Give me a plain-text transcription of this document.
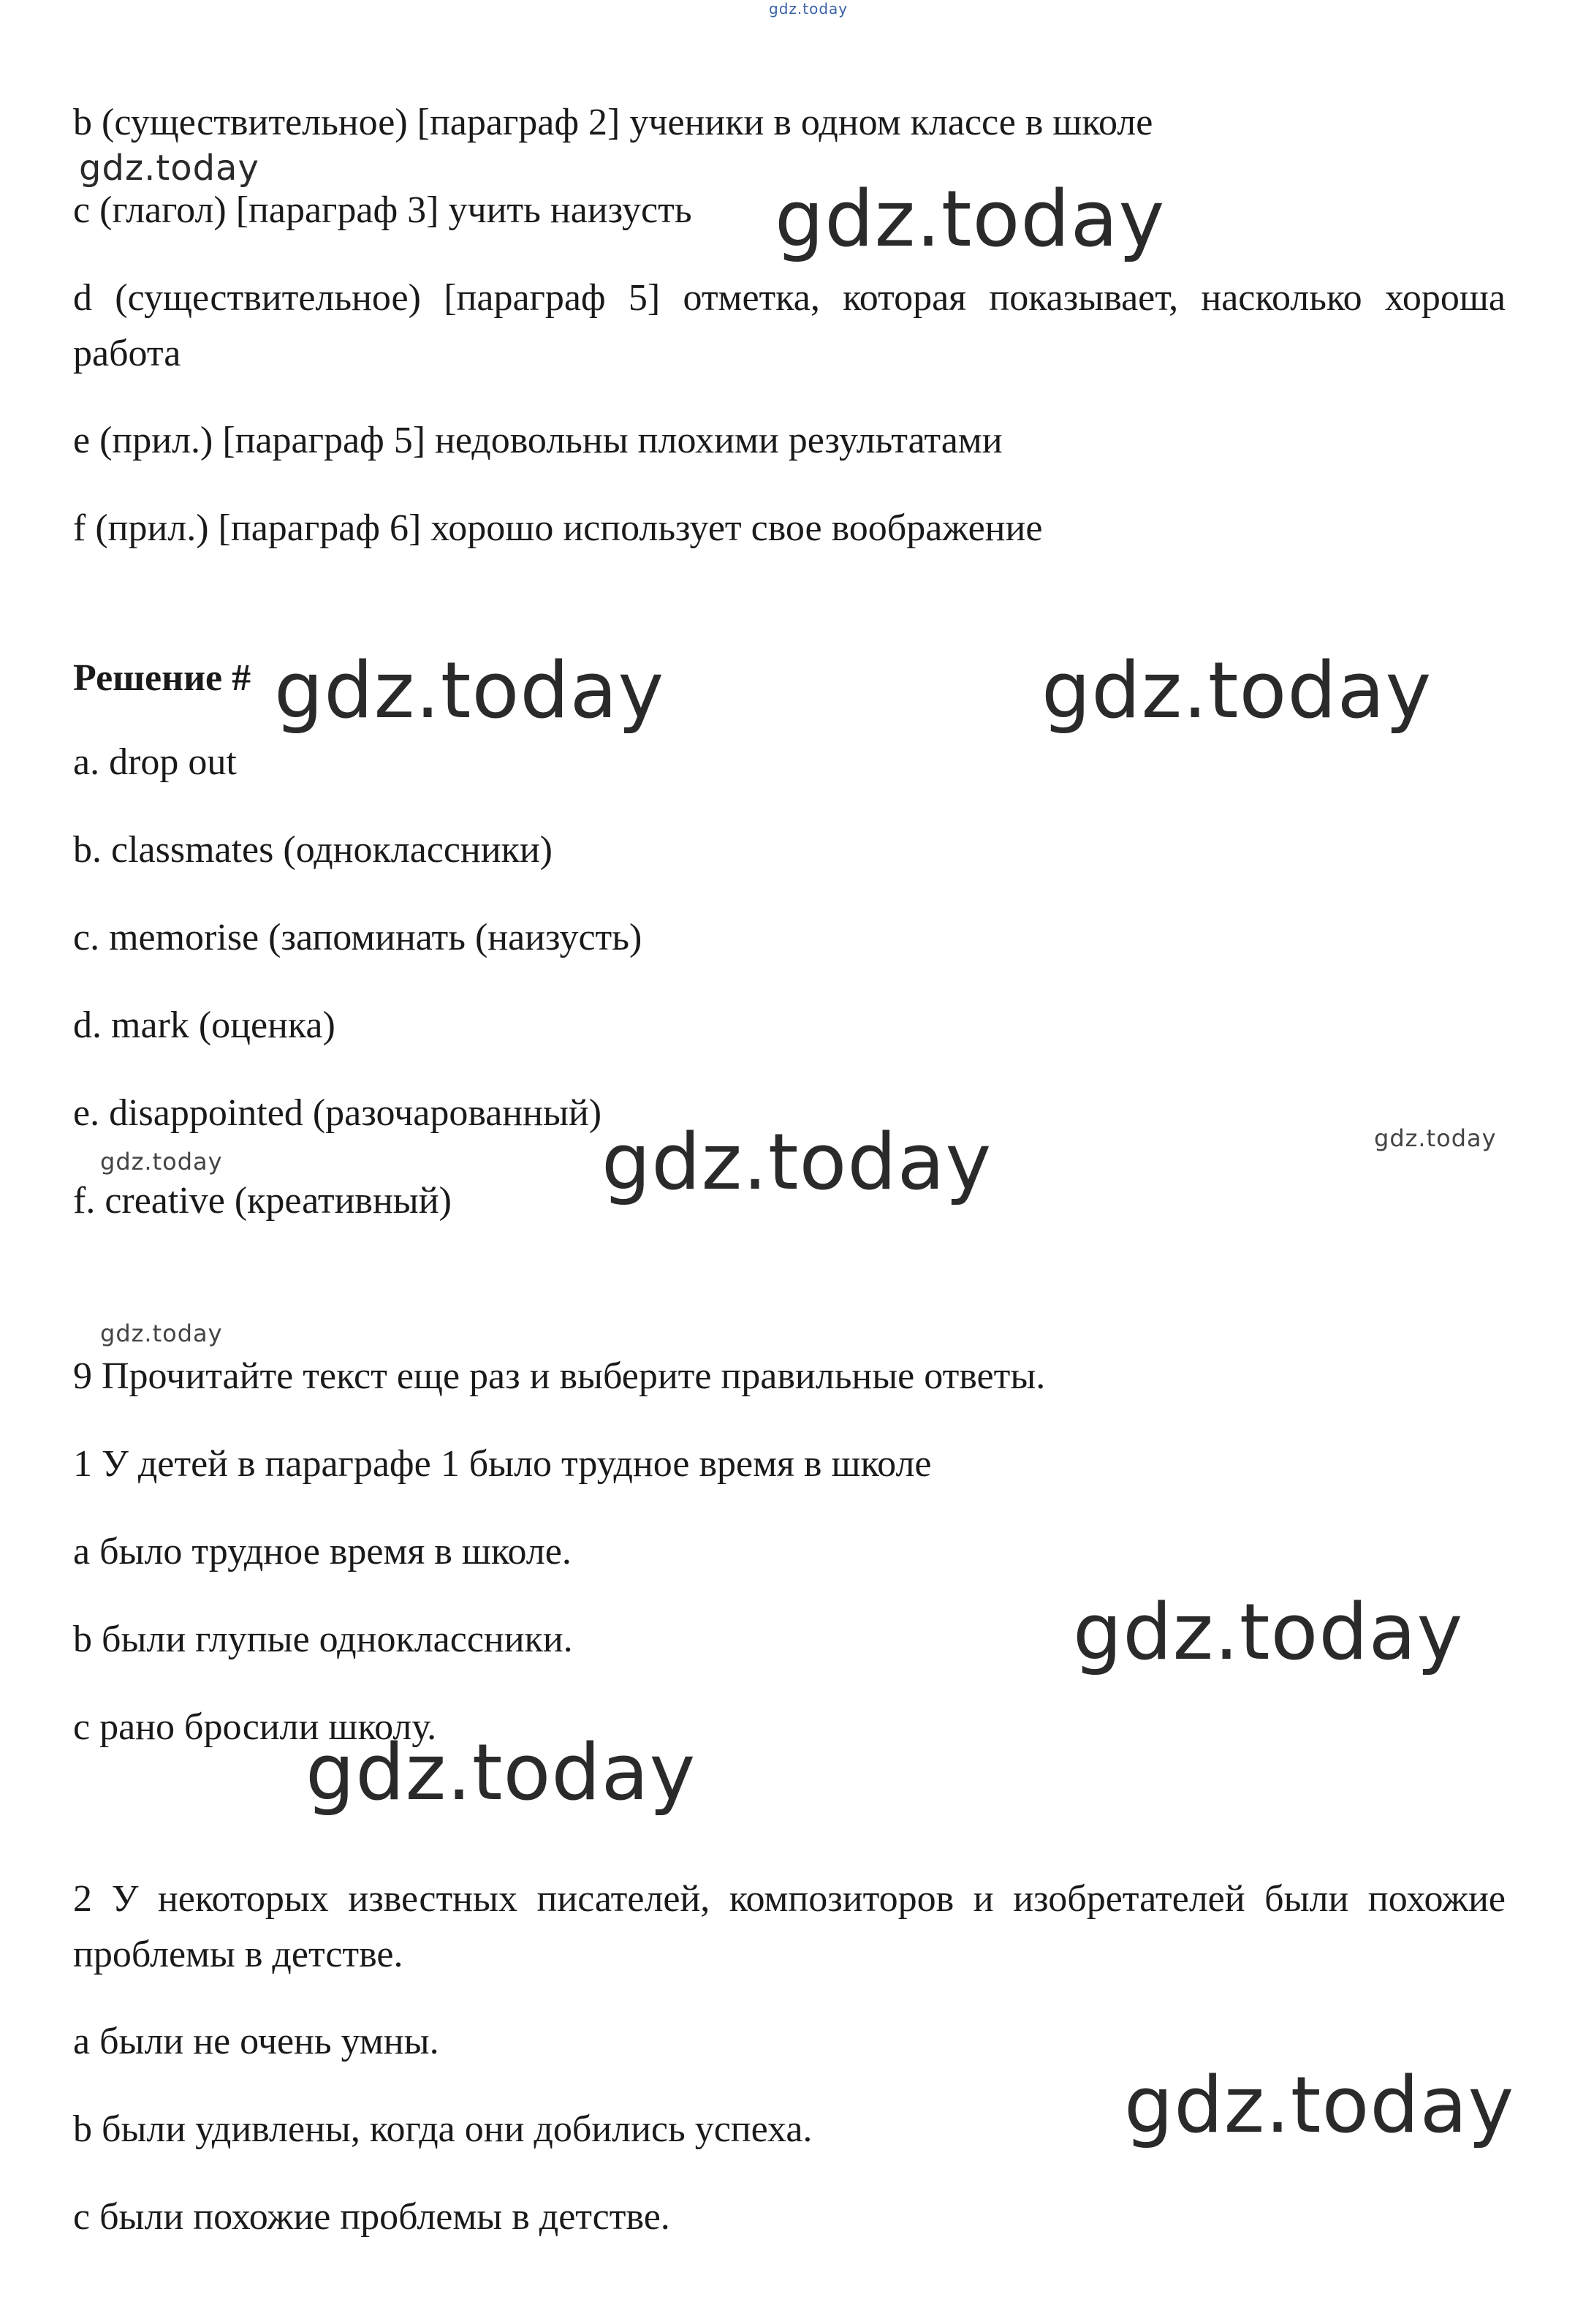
b (существительное) [параграф 2] ученики в одном классе в школе
c (глагол) [параграф 3] учить наизусть
d (существительное) [параграф 5] отметка, которая показывает, насколько хороша работа
e (прил.) [параграф 5] недовольны плохими результатами
f (прил.) [параграф 6] хорошо использует свое воображение
Решение #
a. drop out
b. classmates (одноклассники)
c. memorise (запоминать (наизусть)
d. mark (оценка)
e. disappointed (разочарованный)
f. creative (креативный)
9 Прочитайте текст еще раз и выберите правильные ответы.
1 У детей в параграфе 1 было трудное время в школе
a было трудное время в школе.
b были глупые одноклассники.
c рано бросили школу.
2 У некоторых известных писателей, композиторов и изобретателей были похожие проблемы в детстве.
a были не очень умны.
b были удивлены, когда они добились успеха.
c были похожие проблемы в детстве.
gdz.today
gdz.today
gdz.today
gdz.today	gdz.today
gdz.today
gdz.today	gdz.today
gdz.today
gdz.today
gdz.today
gdz.today
